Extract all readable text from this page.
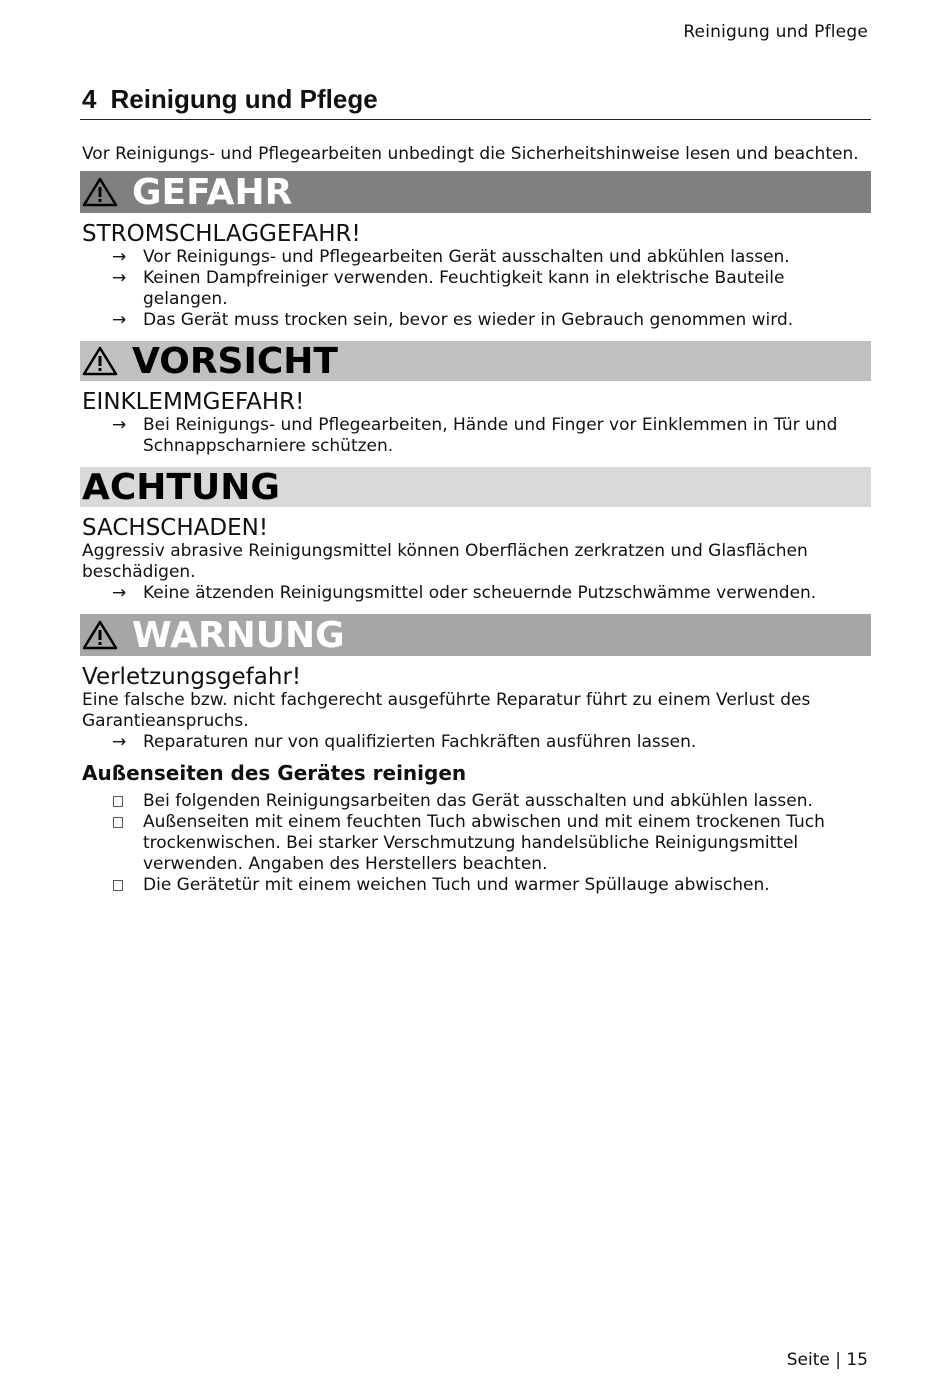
Reinigung und Pflege
4 Reinigung und Pflege

Vor Reinigungs- und Pflegearbeiten unbedingt die Sicherheitshinweise lesen und beachten.

GEFAHR
STROMSCHLAGGEFAHR!
→ Vor Reinigungs- und Pflegearbeiten Gerät ausschalten und abkühlen lassen.
→ Keinen Dampfreiniger verwenden. Feuchtigkeit kann in elektrische Bauteile gelangen.
→ Das Gerät muss trocken sein, bevor es wieder in Gebrauch genommen wird.
VORSICHT
EINKLEMMGEFAHR!
→ Bei Reinigungs- und Pflegearbeiten, Hände und Finger vor Einklemmen in Tür und Schnappscharniere schützen.
ACHTUNG
SACHSCHADEN!

Aggressiv abrasive Reinigungsmittel können Oberflächen zerkratzen und Glasflächen beschädigen.

→ Keine ätzenden Reinigungsmittel oder scheuernde Putzschwämme verwenden.
WARNUNG
Verletzungsgefahr!

Eine falsche bzw. nicht fachgerecht ausgeführte Reparatur führt zu einem Verlust des Garantieanspruchs.

→ Reparaturen nur von qualifizierten Fachkräften ausführen lassen.
Außenseiten des Gerätes reinigen
Bei folgenden Reinigungsarbeiten das Gerät ausschalten und abkühlen lassen.
Außenseiten mit einem feuchten Tuch abwischen und mit einem trockenen Tuch trockenwischen. Bei starker Verschmutzung handelsübliche Reinigungsmittel verwenden. Angaben des Herstellers beachten.
Die Gerätetür mit einem weichen Tuch und warmer Spüllauge abwischen.
Seite | 15
